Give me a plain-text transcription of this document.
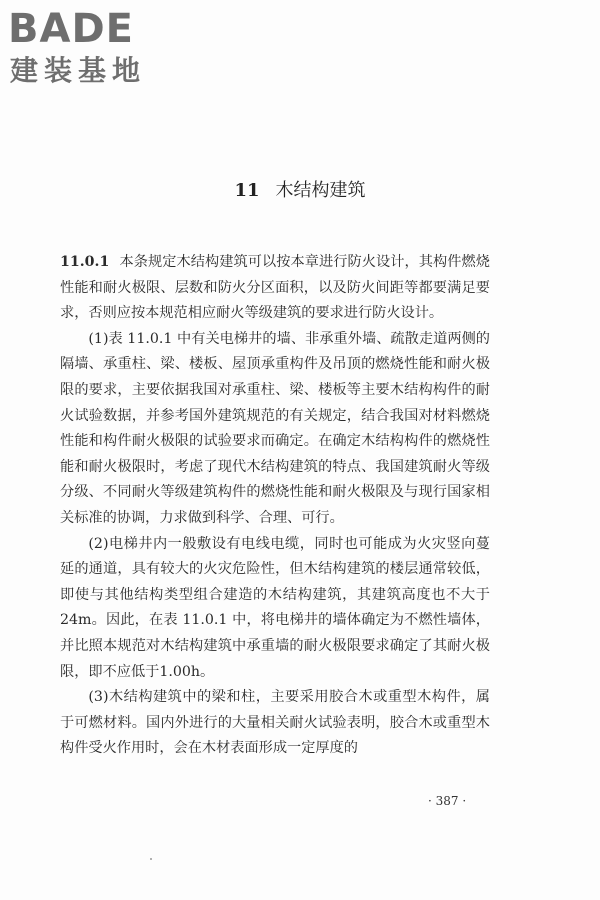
BADE
建装基地
11 木结构建筑

11.0.1 本条规定木结构建筑可以按本章进行防火设计，其构件燃烧性能和耐火极限、层数和防火分区面积，以及防火间距等都要满足要求，否则应按本规范相应耐火等级建筑的要求进行防火设计。

(1)表 11.0.1 中有关电梯井的墙、非承重外墙、疏散走道两侧的隔墙、承重柱、梁、楼板、屋顶承重构件及吊顶的燃烧性能和耐火极限的要求，主要依据我国对承重柱、梁、楼板等主要木结构构件的耐火试验数据，并参考国外建筑规范的有关规定，结合我国对材料燃烧性能和构件耐火极限的试验要求而确定。在确定木结构构件的燃烧性能和耐火极限时，考虑了现代木结构建筑的特点、我国建筑耐火等级分级、不同耐火等级建筑构件的燃烧性能和耐火极限及与现行国家相关标准的协调，力求做到科学、合理、可行。

(2)电梯井内一般敷设有电线电缆，同时也可能成为火灾竖向蔓延的通道，具有较大的火灾危险性，但木结构建筑的楼层通常较低，即使与其他结构类型组合建造的木结构建筑，其建筑高度也不大于 24m。因此，在表 11.0.1 中，将电梯井的墙体确定为不燃性墙体，并比照本规范对木结构建筑中承重墙的耐火极限要求确定了其耐火极限，即不应低于1.00h。

(3)木结构建筑中的梁和柱，主要采用胶合木或重型木构件，属于可燃材料。国内外进行的大量相关耐火试验表明，胶合木或重型木构件受火作用时，会在木材表面形成一定厚度的

· 387 ·
